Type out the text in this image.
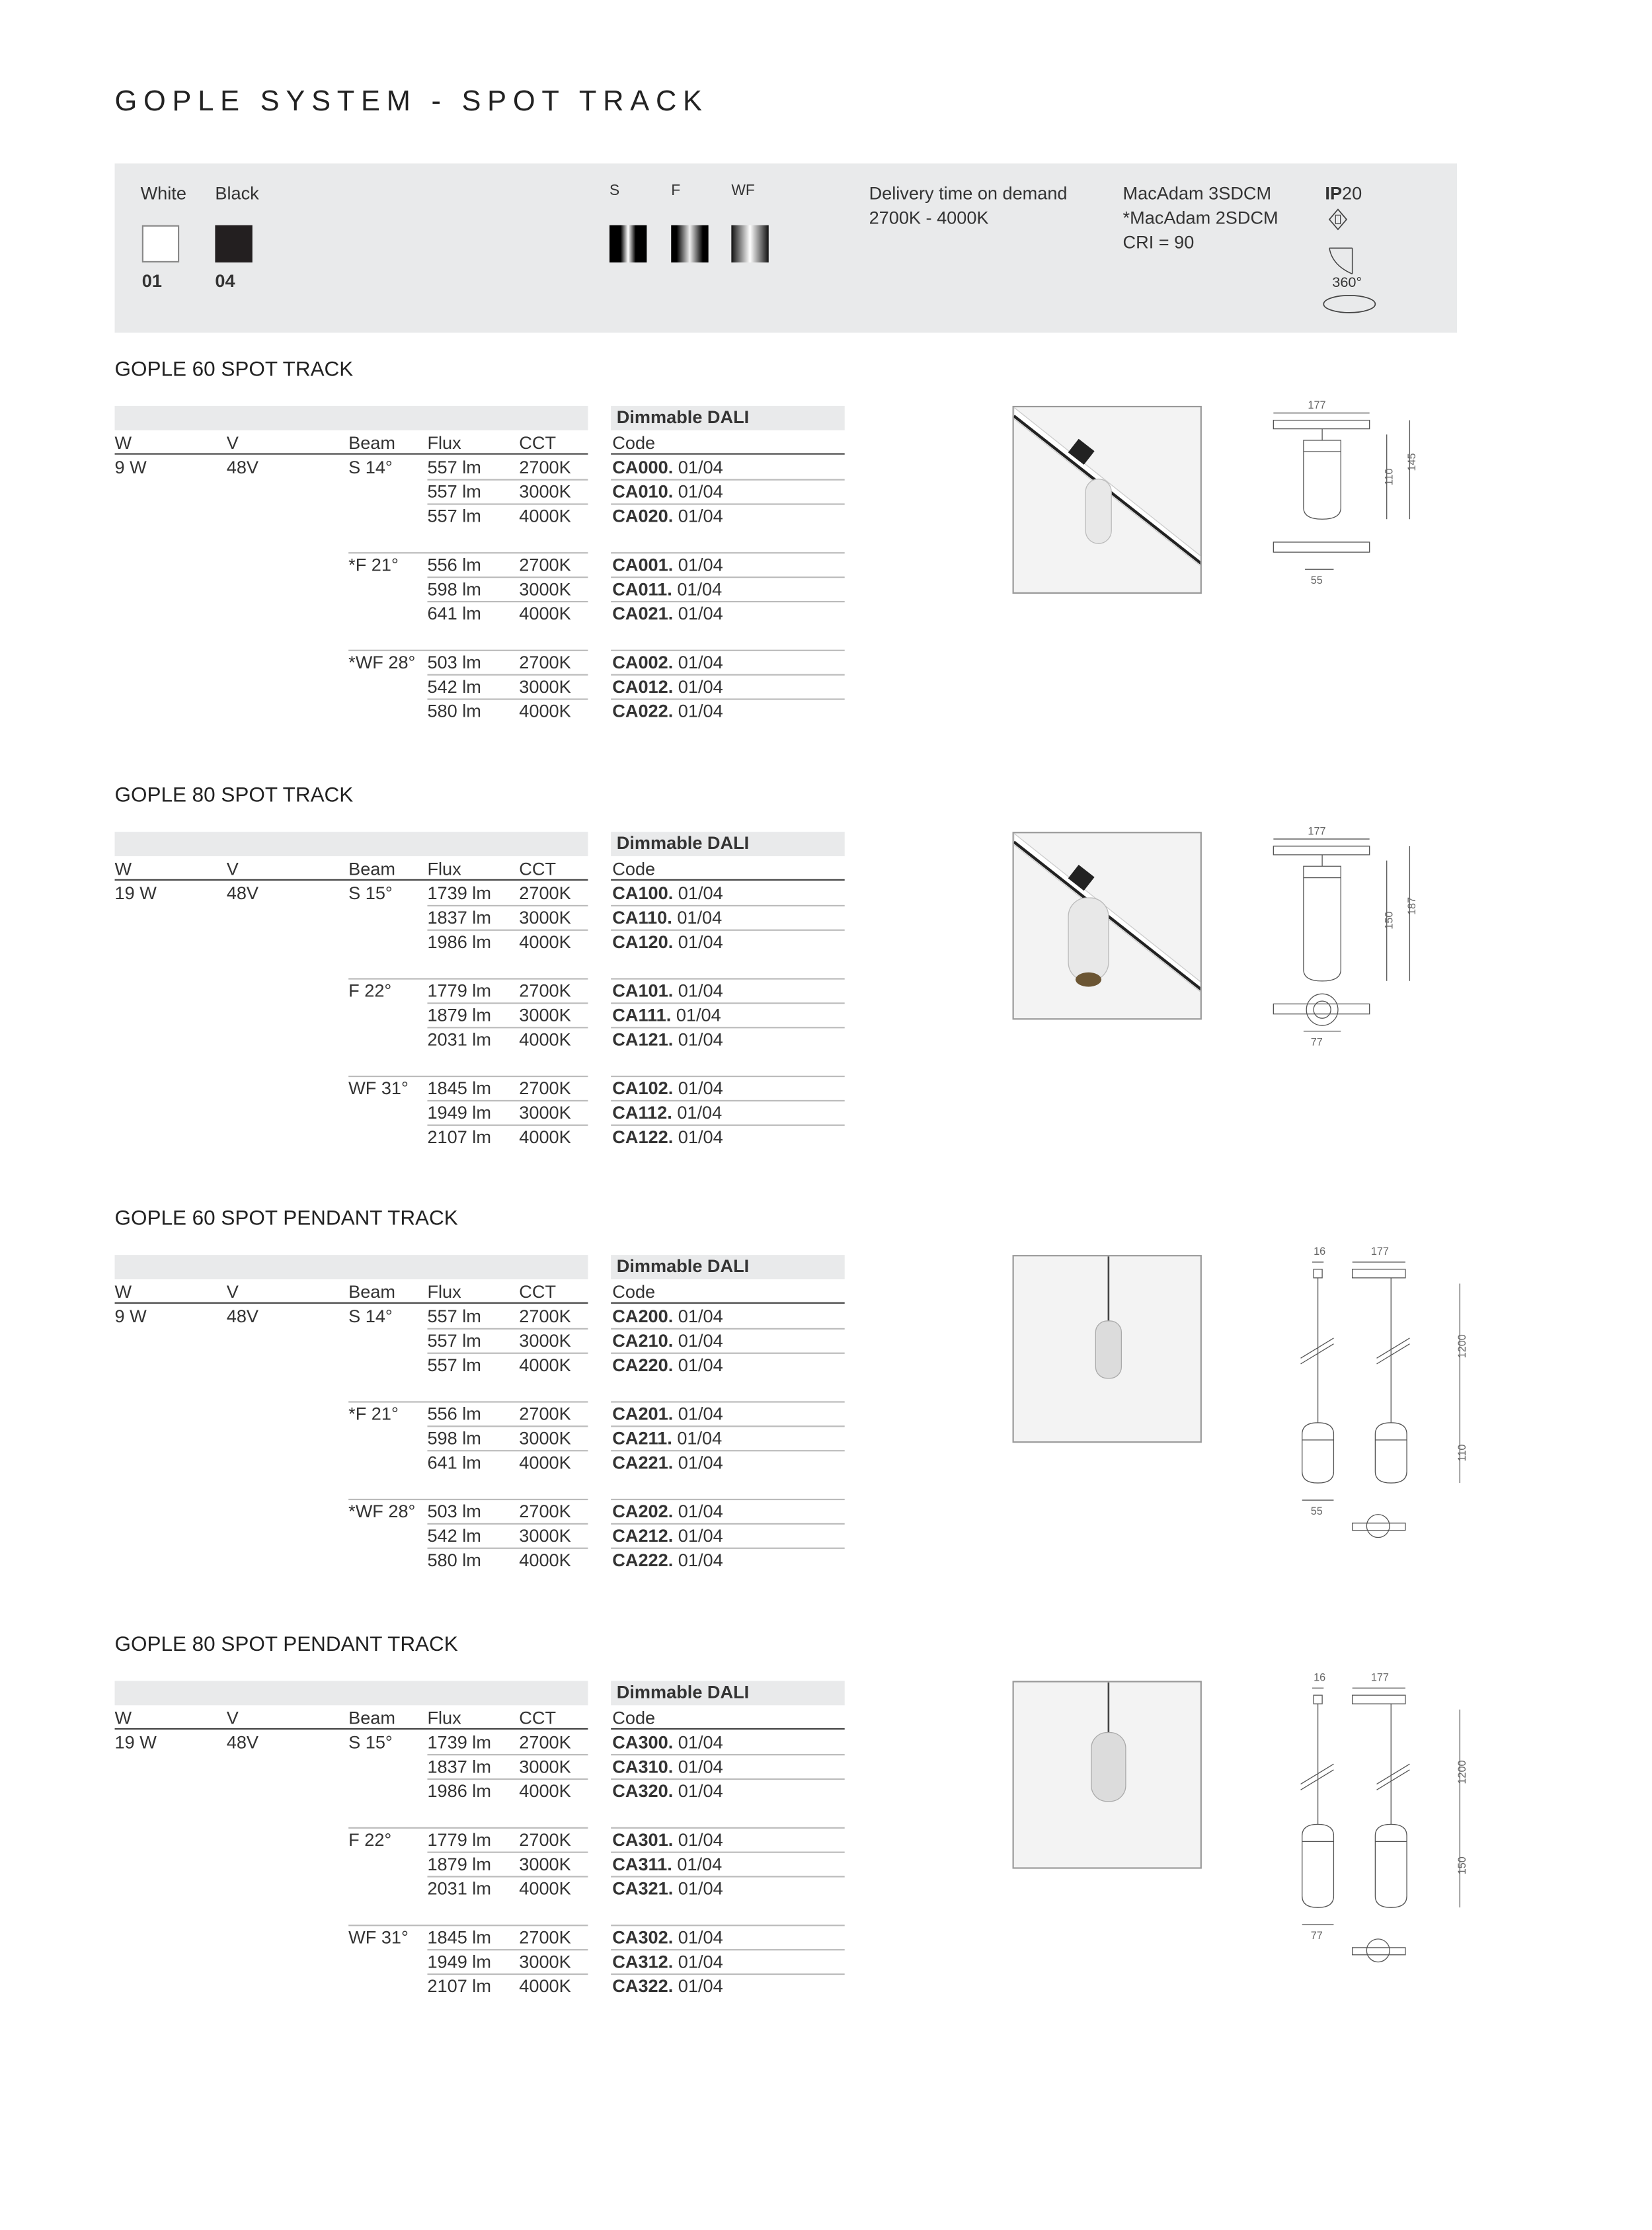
GOPLE SYSTEM - SPOT TRACK
White	Black
01	04
S	F	WF	Delivery time on demand
2700K - 4000K
MacAdam 3SDCM
*MacAdam 2SDCM
CRI = 90
IP20
360°
GOPLE 60 SPOT TRACK
Dimmable DALI
W	V	Beam	Flux	CCT	Code
9 W	48V	S 14°	557 lm	2700K	CA000. 01/04
557 lm	3000K	CA010. 01/04
557 lm	4000K	CA020. 01/04
*F 21°	556 lm	2700K	CA001. 01/04
598 lm	3000K	CA011. 01/04
641 lm	4000K	CA021. 01/04
*WF 28° 503 lm	2700K	CA002. 01/04
542 lm	3000K	CA012. 01/04
580 lm	4000K	CA022. 01/04
177
110
145
55
GOPLE 80 SPOT TRACK
Dimmable DALI
W	V	Beam	Flux	CCT	Code
19 W	48V	S 15°	1739 lm	2700K	CA100. 01/04
1837 lm	3000K	CA110. 01/04
1986 lm	4000K	CA120. 01/04
F 22°	1779 lm	2700K	CA101. 01/04
1879 lm	3000K	CA111. 01/04
2031 lm	4000K	CA121. 01/04
WF 31° 1845 lm	2700K	CA102. 01/04
1949 lm	3000K	CA112. 01/04
2107 lm	4000K	CA122. 01/04
177
150
187
77
GOPLE 60 SPOT PENDANT TRACK
Dimmable DALI
W	V	Beam	Flux	CCT	Code
9 W	48V	S 14°	557 lm	2700K	CA200. 01/04
557 lm	3000K	CA210. 01/04
557 lm	4000K	CA220. 01/04
*F 21°	556 lm	2700K	CA201. 01/04
598 lm	3000K	CA211. 01/04
641 lm	4000K	CA221. 01/04
*WF 28° 503 lm	2700K	CA202. 01/04
542 lm	3000K	CA212. 01/04
580 lm	4000K	CA222. 01/04
16	177
1200
110
55
GOPLE 80 SPOT PENDANT TRACK
Dimmable DALI
W	V	Beam	Flux	CCT	Code
19 W	48V	S 15°	1739 lm	2700K	CA300. 01/04
1837 lm	3000K	CA310. 01/04
1986 lm	4000K	CA320. 01/04
F 22°	1779 lm	2700K	CA301. 01/04
1879 lm	3000K	CA311. 01/04
2031 lm	4000K	CA321. 01/04
WF 31° 1845 lm	2700K	CA302. 01/04
1949 lm	3000K	CA312. 01/04
2107 lm	4000K	CA322. 01/04
16	177
1200
150
77
